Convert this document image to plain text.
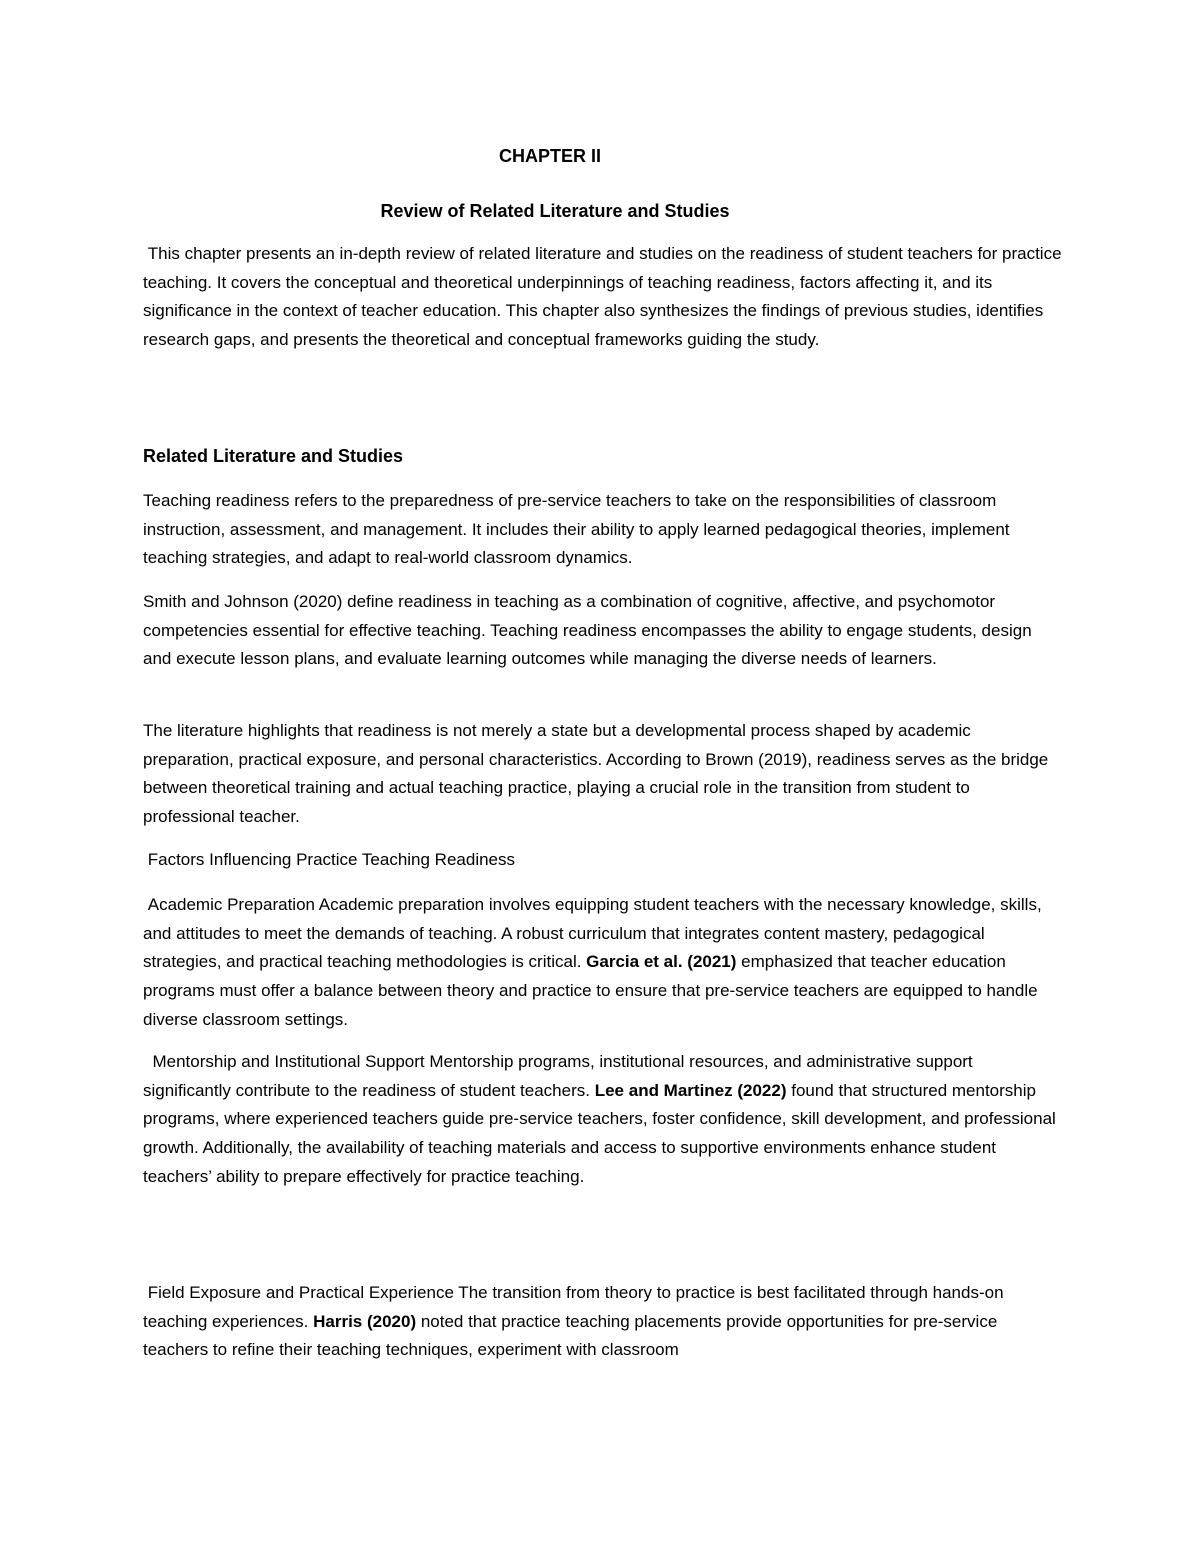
CHAPTER II

Review of Related Literature and Studies

This chapter presents an in-depth review of related literature and studies on the readiness of student teachers for practice teaching. It covers the conceptual and theoretical underpinnings of teaching readiness, factors affecting it, and its significance in the context of teacher education. This chapter also synthesizes the findings of previous studies, identifies research gaps, and presents the theoretical and conceptual frameworks guiding the study.

Related Literature and Studies

Teaching readiness refers to the preparedness of pre-service teachers to take on the responsibilities of classroom instruction, assessment, and management. It includes their ability to apply learned pedagogical theories, implement teaching strategies, and adapt to real-world classroom dynamics.

Smith and Johnson (2020) define readiness in teaching as a combination of cognitive, affective, and psychomotor competencies essential for effective teaching. Teaching readiness encompasses the ability to engage students, design and execute lesson plans, and evaluate learning outcomes while managing the diverse needs of learners.

The literature highlights that readiness is not merely a state but a developmental process shaped by academic preparation, practical exposure, and personal characteristics. According to Brown (2019), readiness serves as the bridge between theoretical training and actual teaching practice, playing a crucial role in the transition from student to professional teacher.

Factors Influencing Practice Teaching Readiness

Academic Preparation Academic preparation involves equipping student teachers with the necessary knowledge, skills, and attitudes to meet the demands of teaching. A robust curriculum that integrates content mastery, pedagogical strategies, and practical teaching methodologies is critical. Garcia et al. (2021) emphasized that teacher education programs must offer a balance between theory and practice to ensure that pre-service teachers are equipped to handle diverse classroom settings.

Mentorship and Institutional Support Mentorship programs, institutional resources, and administrative support significantly contribute to the readiness of student teachers. Lee and Martinez (2022) found that structured mentorship programs, where experienced teachers guide pre-service teachers, foster confidence, skill development, and professional growth. Additionally, the availability of teaching materials and access to supportive environments enhance student teachers’ ability to prepare effectively for practice teaching.

Field Exposure and Practical Experience The transition from theory to practice is best facilitated through hands-on teaching experiences. Harris (2020) noted that practice teaching placements provide opportunities for pre-service teachers to refine their teaching techniques, experiment with classroom
